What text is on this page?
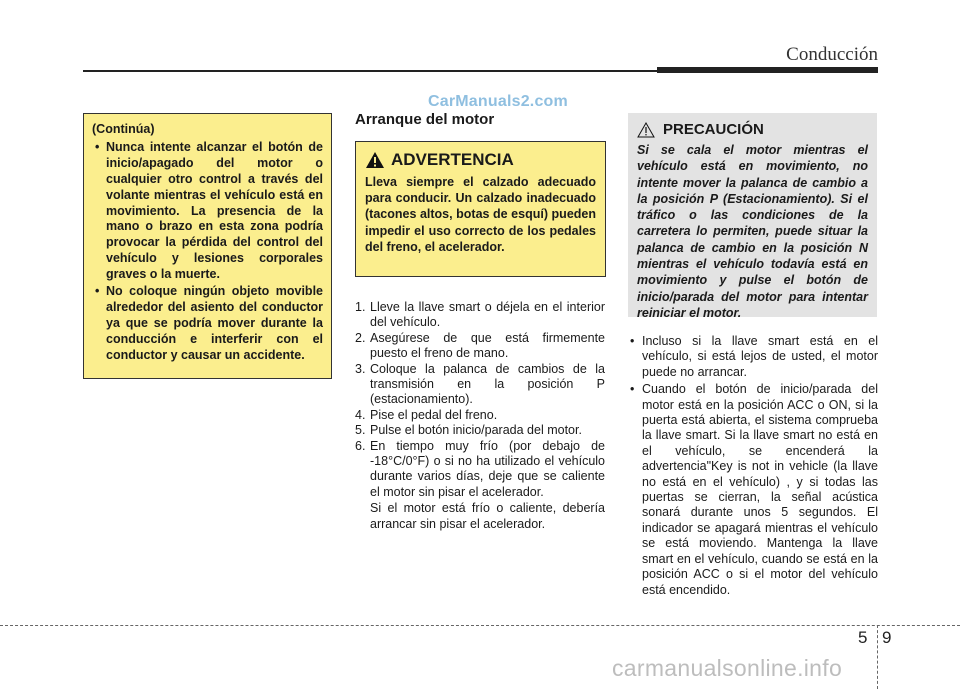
Conducción
CarManuals2.com
(Continúa)
• Nunca intente alcanzar el botón de inicio/apagado del motor o cualquier otro control a través del volante mientras el vehículo está en movimiento. La presencia de la mano o brazo en esta zona podría provocar la pérdida del control del vehículo y lesiones corporales graves o la muerte.
• No coloque ningún objeto movible alrededor del asiento del conductor ya que se podría mover durante la conducción e interferir con el conductor y causar un accidente.
Arranque del motor
ADVERTENCIA
Lleva siempre el calzado adecuado para conducir. Un calzado inadecuado (tacones altos, botas de esquí) pueden impedir el uso correcto de los pedales del freno, el acelerador.
1. Lleve la llave smart o déjela en el interior del vehículo.
2. Asegúrese de que está firmemente puesto el freno de mano.
3. Coloque la palanca de cambios de la transmisión en la posición P (estacionamiento).
4. Pise el pedal del freno.
5. Pulse el botón inicio/parada del motor.
6. En tiempo muy frío (por debajo de -18°C/0°F) o si no ha utilizado el vehículo durante varios días, deje que se caliente el motor sin pisar el acelerador.
Si el motor está frío o caliente, debería arrancar sin pisar el acelerador.
PRECAUCIÓN
Si se cala el motor mientras el vehículo está en movimiento, no intente mover la palanca de cambio a la posición P (Estacionamiento). Si el tráfico o las condiciones de la carretera lo permiten, puede situar la palanca de cambio en la posición N mientras el vehículo todavía está en movimiento y pulse el botón de inicio/parada del motor para intentar reiniciar el motor.
• Incluso si la llave smart está en el vehículo, si está lejos de usted, el motor puede no arrancar.
• Cuando el botón de inicio/parada del motor está en la posición ACC o ON, si la puerta está abierta, el sistema comprueba la llave smart. Si la llave smart no está en el vehículo, se encenderá la advertencia"Key is not in vehicle (la llave no está en el vehículo) , y si todas las puertas se cierran, la señal acústica sonará durante unos 5 segundos. El indicador se apagará mientras el vehículo se está moviendo. Mantenga la llave smart en el vehículo, cuando se está en la posición ACC o si el motor del vehículo está encendido.
5 9
carmanualsonline.info
